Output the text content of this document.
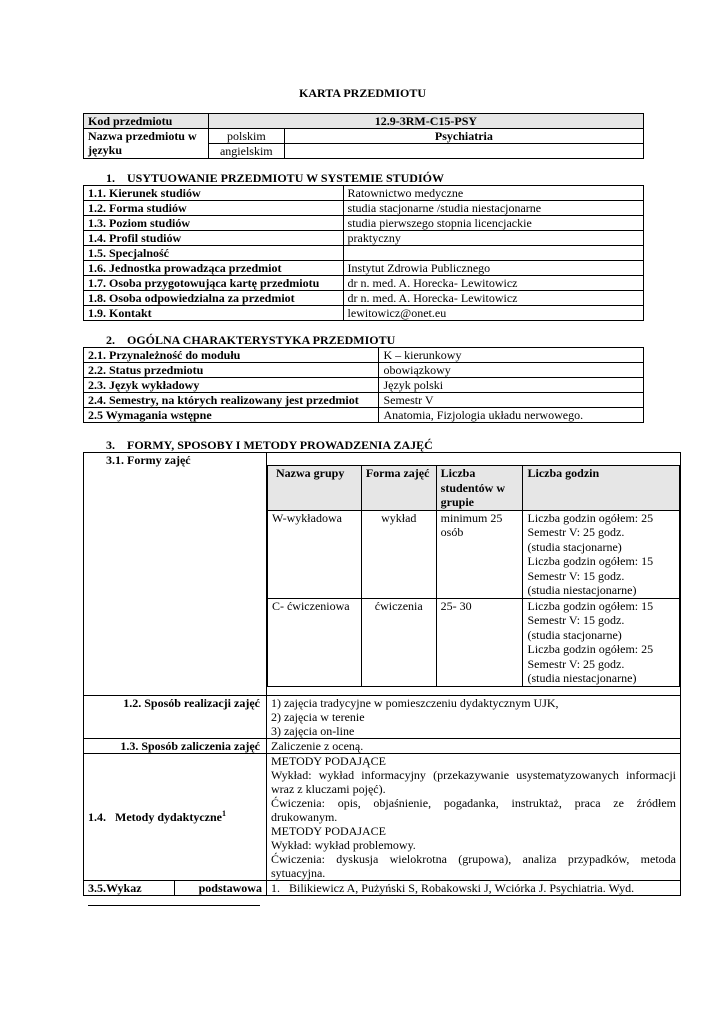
KARTA PRZEDMIOTU
Kod przedmiotu	12.9-3RM-C15-PSY	
Nazwa przedmiotu w języku	polskim	Psychiatria
	angielskim	
1.    USYTUOWANIE PRZEDMIOTU W SYSTEMIE STUDIÓW
1.1. Kierunek studiów	Ratownictwo medyczne
1.2. Forma studiów	studia stacjonarne /studia niestacjonarne
1.3. Poziom studiów	studia pierwszego stopnia licencjackie
1.4. Profil studiów	praktyczny
1.5. Specjalność	
1.6. Jednostka prowadząca przedmiot	Instytut Zdrowia Publicznego
1.7. Osoba przygotowująca kartę przedmiotu	dr n. med. A. Horecka- Lewitowicz
1.8. Osoba odpowiedzialna za przedmiot	dr n. med. A. Horecka- Lewitowicz
1.9. Kontakt	lewitowicz@onet.eu
2.    OGÓLNA CHARAKTERYSTYKA PRZEDMIOTU
2.1. Przynależność do modułu	K – kierunkowy
2.2. Status przedmiotu	obowiązkowy
2.3. Język wykładowy	Język polski
2.4. Semestry, na których realizowany jest przedmiot	Semestr V
2.5 Wymagania wstępne	Anatomia, Fizjologia układu nerwowego.
3.    FORMY, SPOSOBY I METODY PROWADZENIA ZAJĘĆ
3.1. Formy zajęć	
Nazwa grupy	Forma zajęć	Liczba studentów w grupie	Liczba godzin
W-wykładowa	wykład	minimum 25 osób	
Liczba godzin ogółem: 25
Semestr V: 25 godz.
(studia stacjonarne)
Liczba godzin ogółem: 15
Semestr V: 15 godz.
(studia niestacjonarne)

C- ćwiczeniowa	ćwiczenia	25- 30	Liczba godzin ogółem: 15
Semestr V: 15 godz.
(studia stacjonarne)
Liczba godzin ogółem: 25
Semestr V: 25 godz.
(studia niestacjonarne)

1.2. Sposób realizacji zajęć	1) zajęcia tradycyjne w pomieszczeniu dydaktycznym UJK,
2) zajęcia w terenie
3) zajęcia on-line

1.3. Sposób zaliczenia zajęć	Zaliczenie z oceną.
1.4.   Metody dydaktyczne$^1$	
METODY PODAJĄCE
Wykład: wykład informacyjny (przekazywanie usystematyzowanych informacji wraz z kluczami pojęć).
Ćwiczenia: opis, objaśnienie, pogadanka, instruktaż, praca ze źródłem drukowanym.
METODY PODAJACE
Wykład: wykład problemowy.
Ćwiczenia: dyskusja wielokrotna (grupowa), analiza przypadków, metoda sytuacyjna.

3.5.Wykaz	podstawowa	1.   Bilikiewicz A, Pużyński S, Robakowski J, Wciórka J. Psychiatria. Wyd.
